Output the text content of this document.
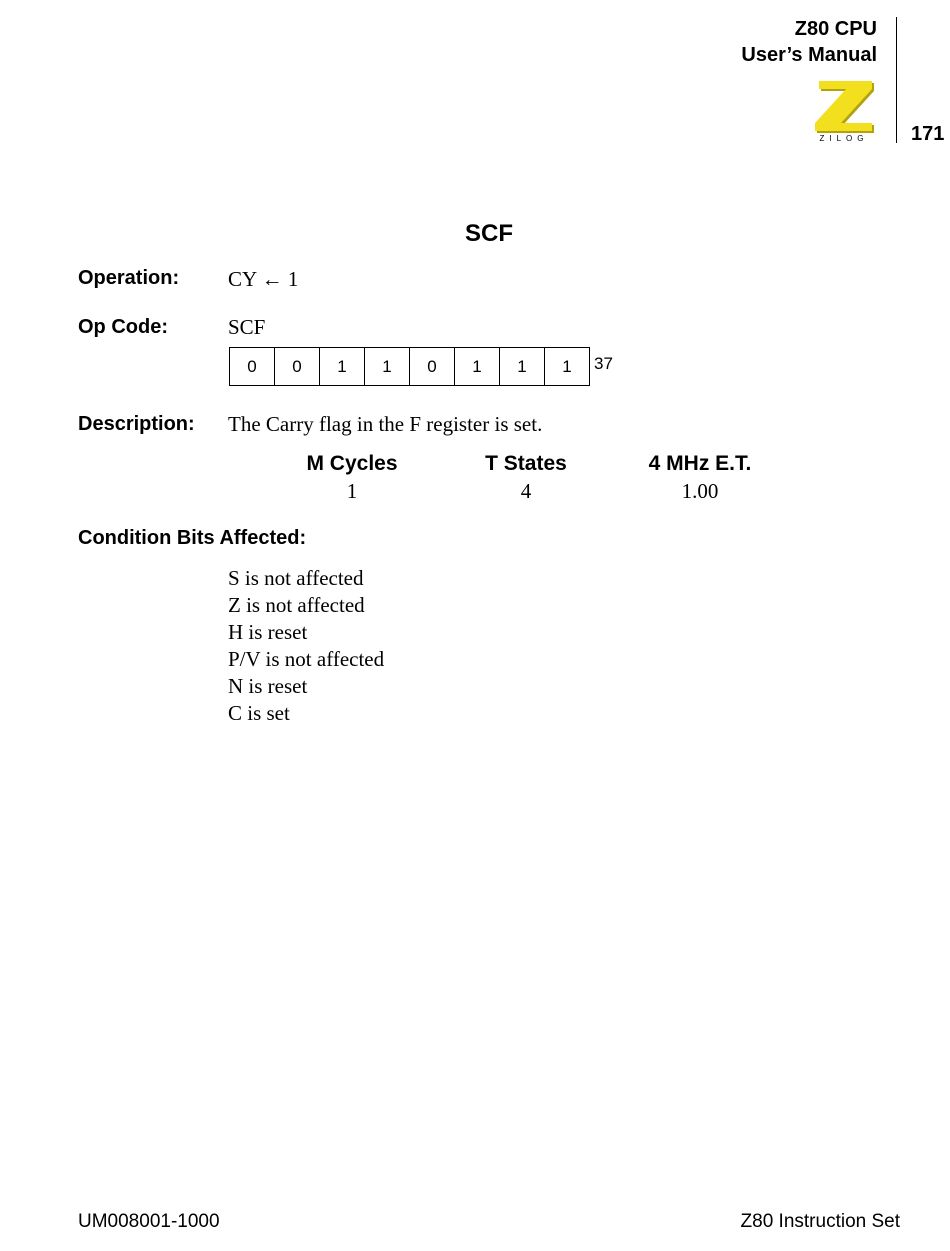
Z80 CPU
User’s Manual
171
ZILOG
SCF
Operation: CY ← 1
Op Code:	SCF
0	0	1	1	0	1	1	1 37
Description: The Carry flag in the F register is set.
M Cycles	T States	4 MHz E.T.
1	4	1.00
Condition Bits Affected:
S is not affected
Z is not affected
H is reset
P/V is not affected
N is reset
C is set
UM008001-1000	Z80 Instruction Set
